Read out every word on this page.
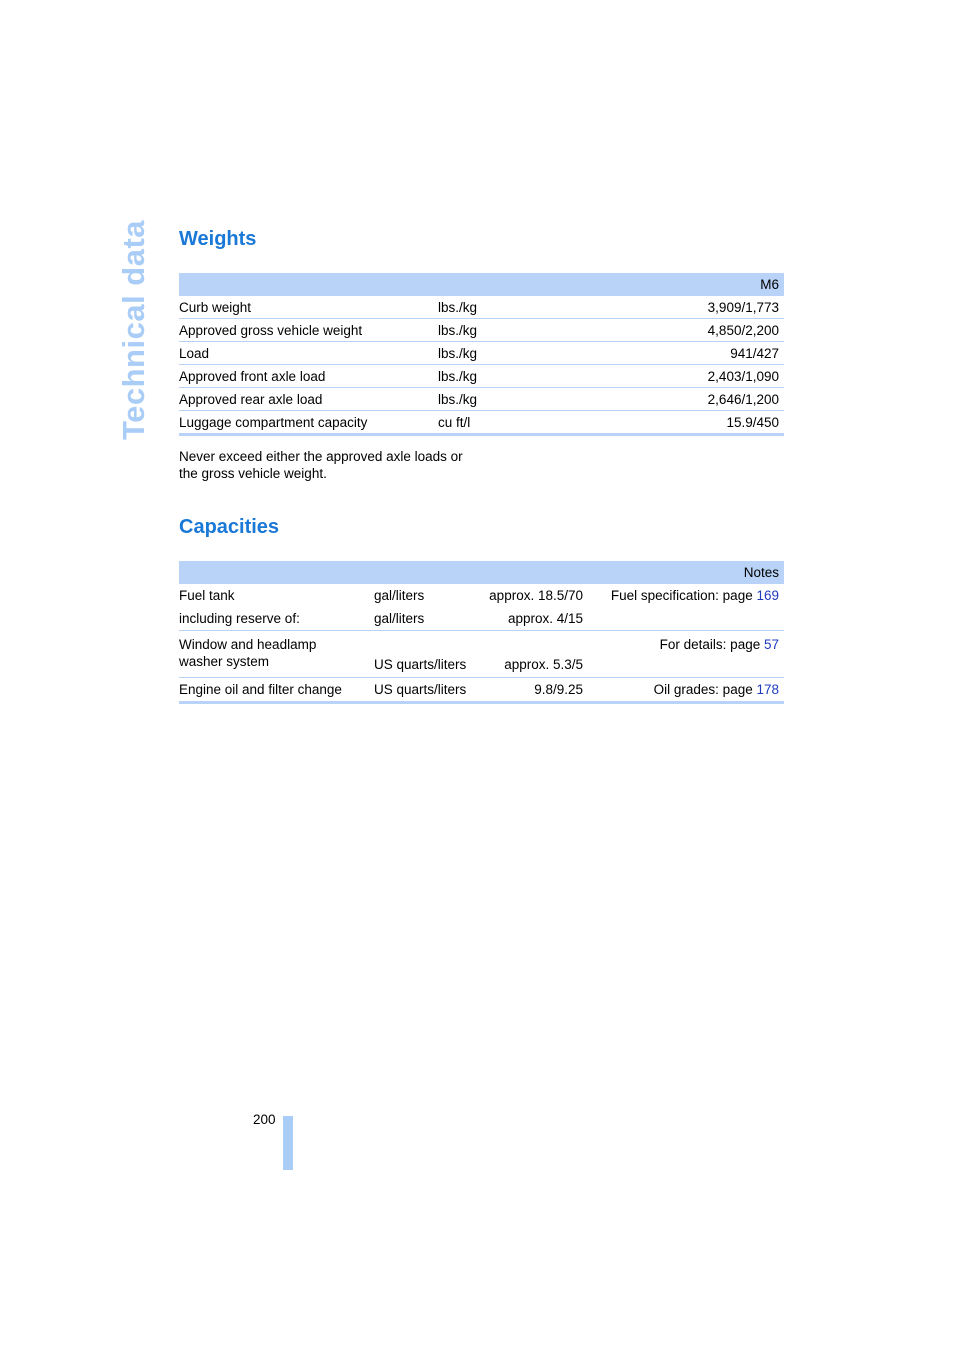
Technical data Weights
		M6
Curb weight	lbs./kg	3,909/1,773
Approved gross vehicle weight	lbs./kg	4,850/2,200
Load	lbs./kg	941/427
Approved front axle load	lbs./kg	2,403/1,090
Approved rear axle load	lbs./kg	2,646/1,200
Luggage compartment capacity	cu ft/l	15.9/450
Never exceed either the approved axle loads or
the gross vehicle weight.
Capacities
			Notes
Fuel tank	gal/liters	approx. 18.5/70	Fuel specification: page 169
including reserve of:	gal/liters	approx. 4/15	

Window and headlamp
washer system	US quarts/liters	approx. 5.3/5	For details: page 57
Engine oil and filter change	US quarts/liters	9.8/9.25	Oil grades: page 178
200
